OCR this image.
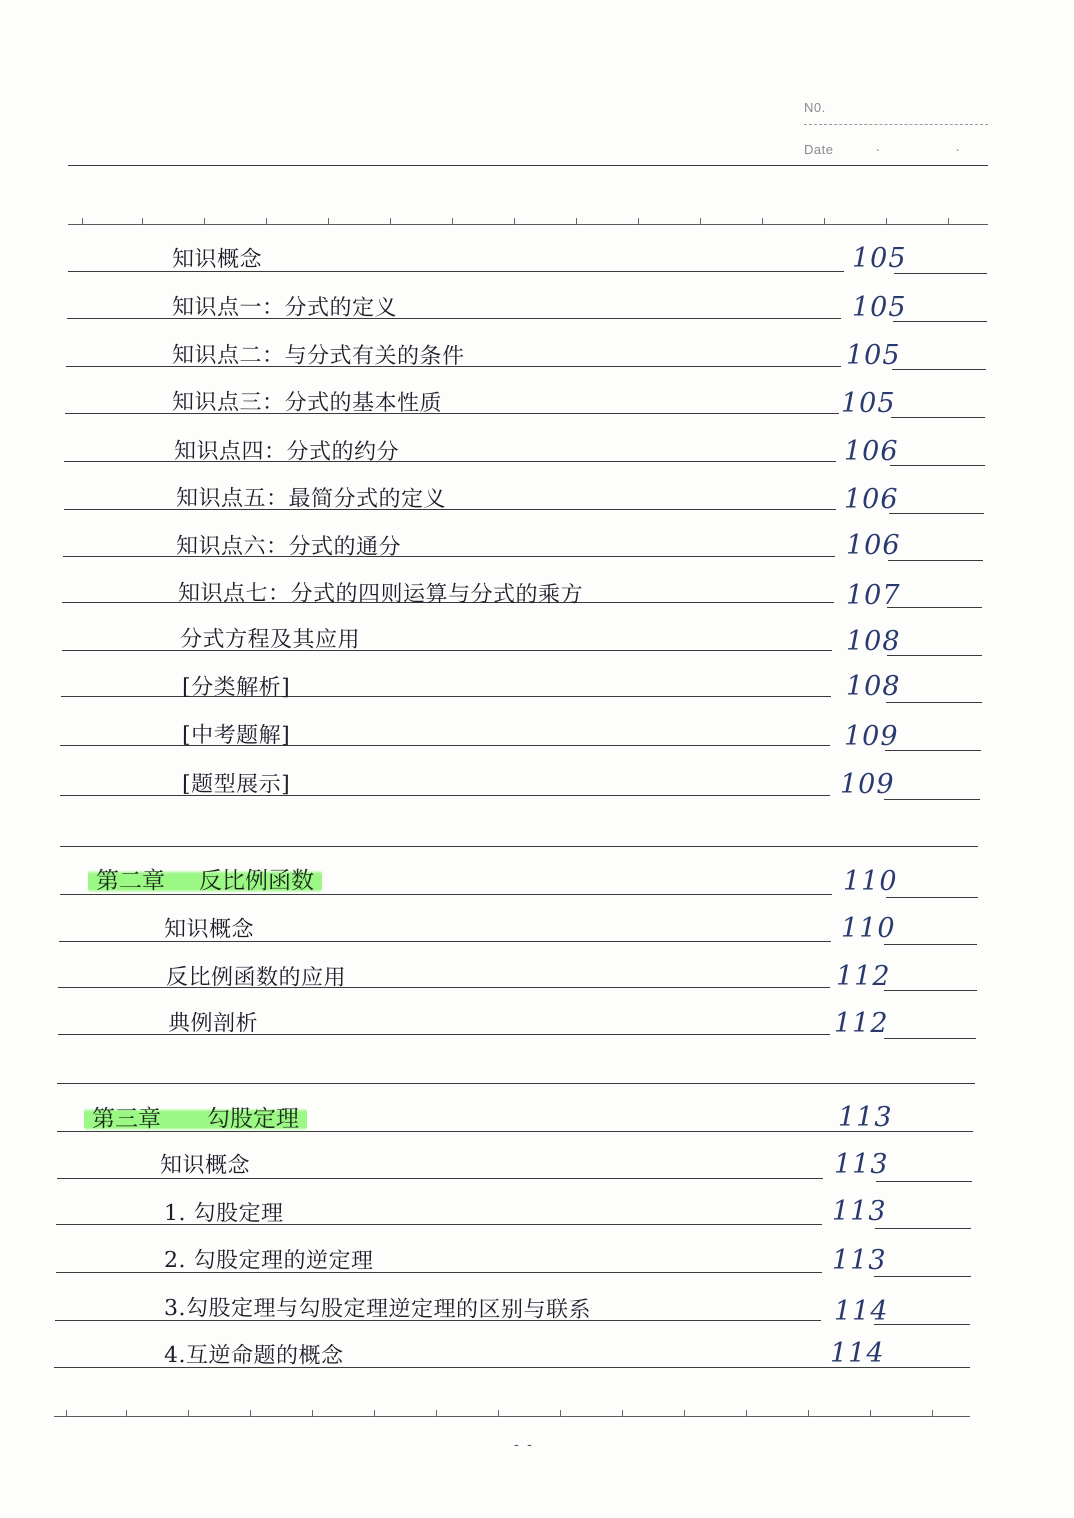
N0.
Date	. .
知识概念	105
知识点一：分式的定义	105
知识点二：与分式有关的条件	105
知识点三：分式的基本性质	105
知识点四：分式的约分	106
知识点五：最简分式的定义	106
知识点六：分式的通分	106
知识点七：分式的四则运算与分式的乘方	107
分式方程及其应用	108
[分类解析]	108
[中考题解]	109
[题型展示]	109
第二章 反比例函数	110
知识概念	110
反比例函数的应用	112
典例剖析	112
第三章 勾股定理	113
知识概念	113
1. 勾股定理	113
2. 勾股定理的逆定理	113
3.勾股定理与勾股定理逆定理的区别与联系	114
4.互逆命题的概念	114
- -
